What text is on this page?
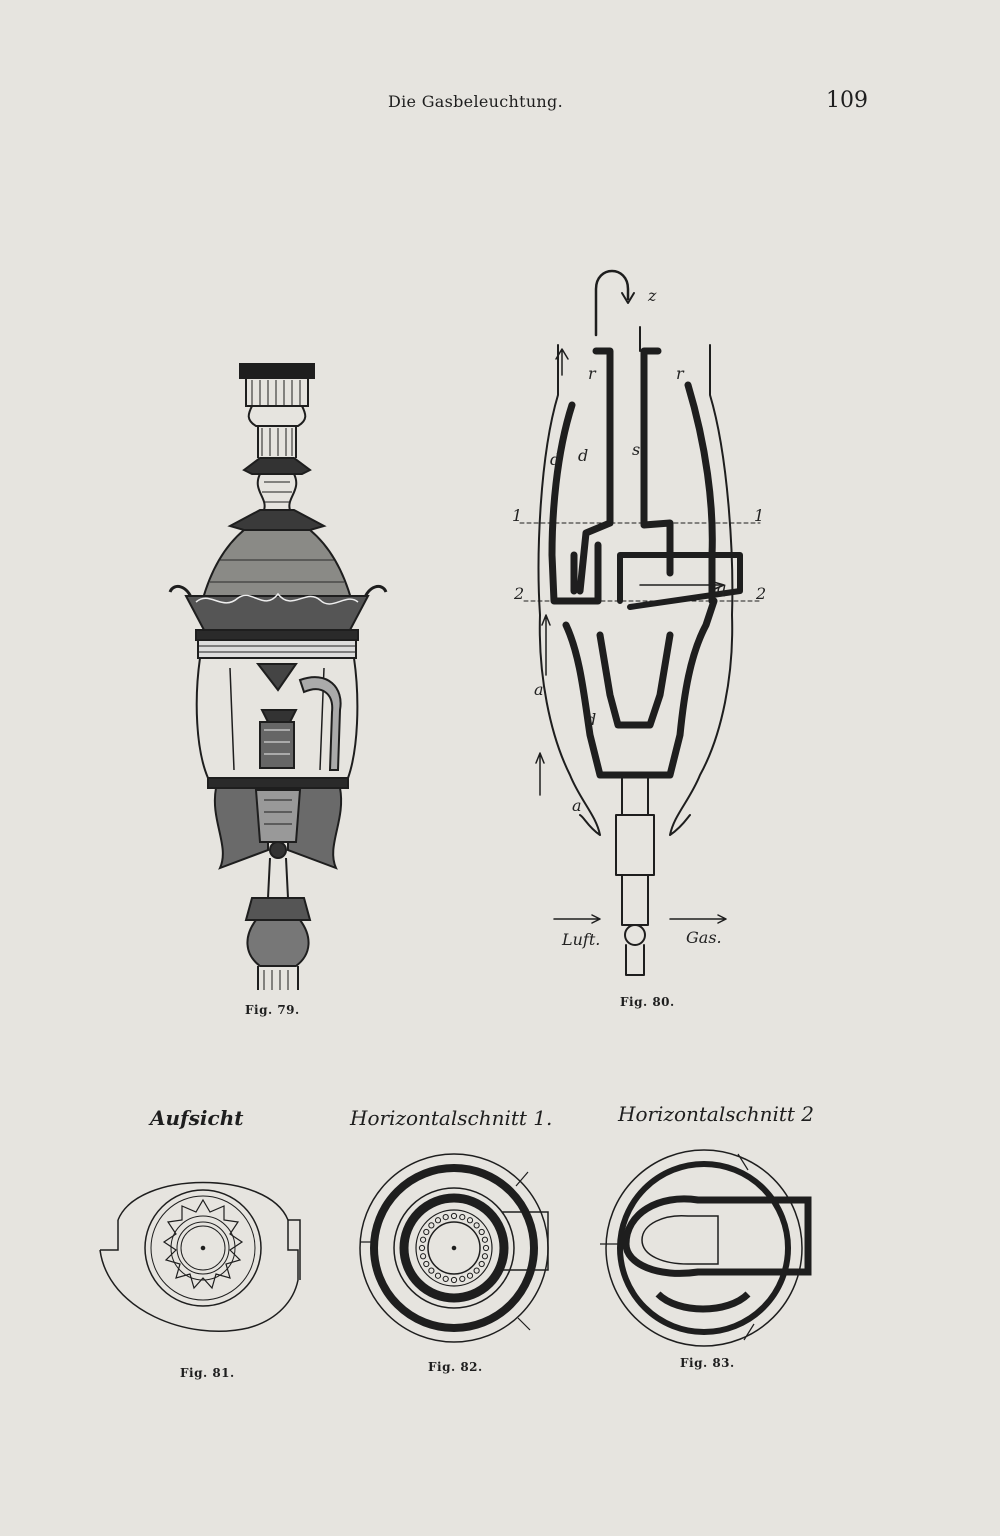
Die Gasbeleuchtung.	109
Fig. 79.
z
r	r
s
d d
d
1	1
2	2
q
a
a
Luft.	Gas.
Fig. 80.
Aufsicht	Horizontalschnitt 1.	Horizontalschnitt 2
Fig. 81.	Fig. 82.	Fig. 83.
